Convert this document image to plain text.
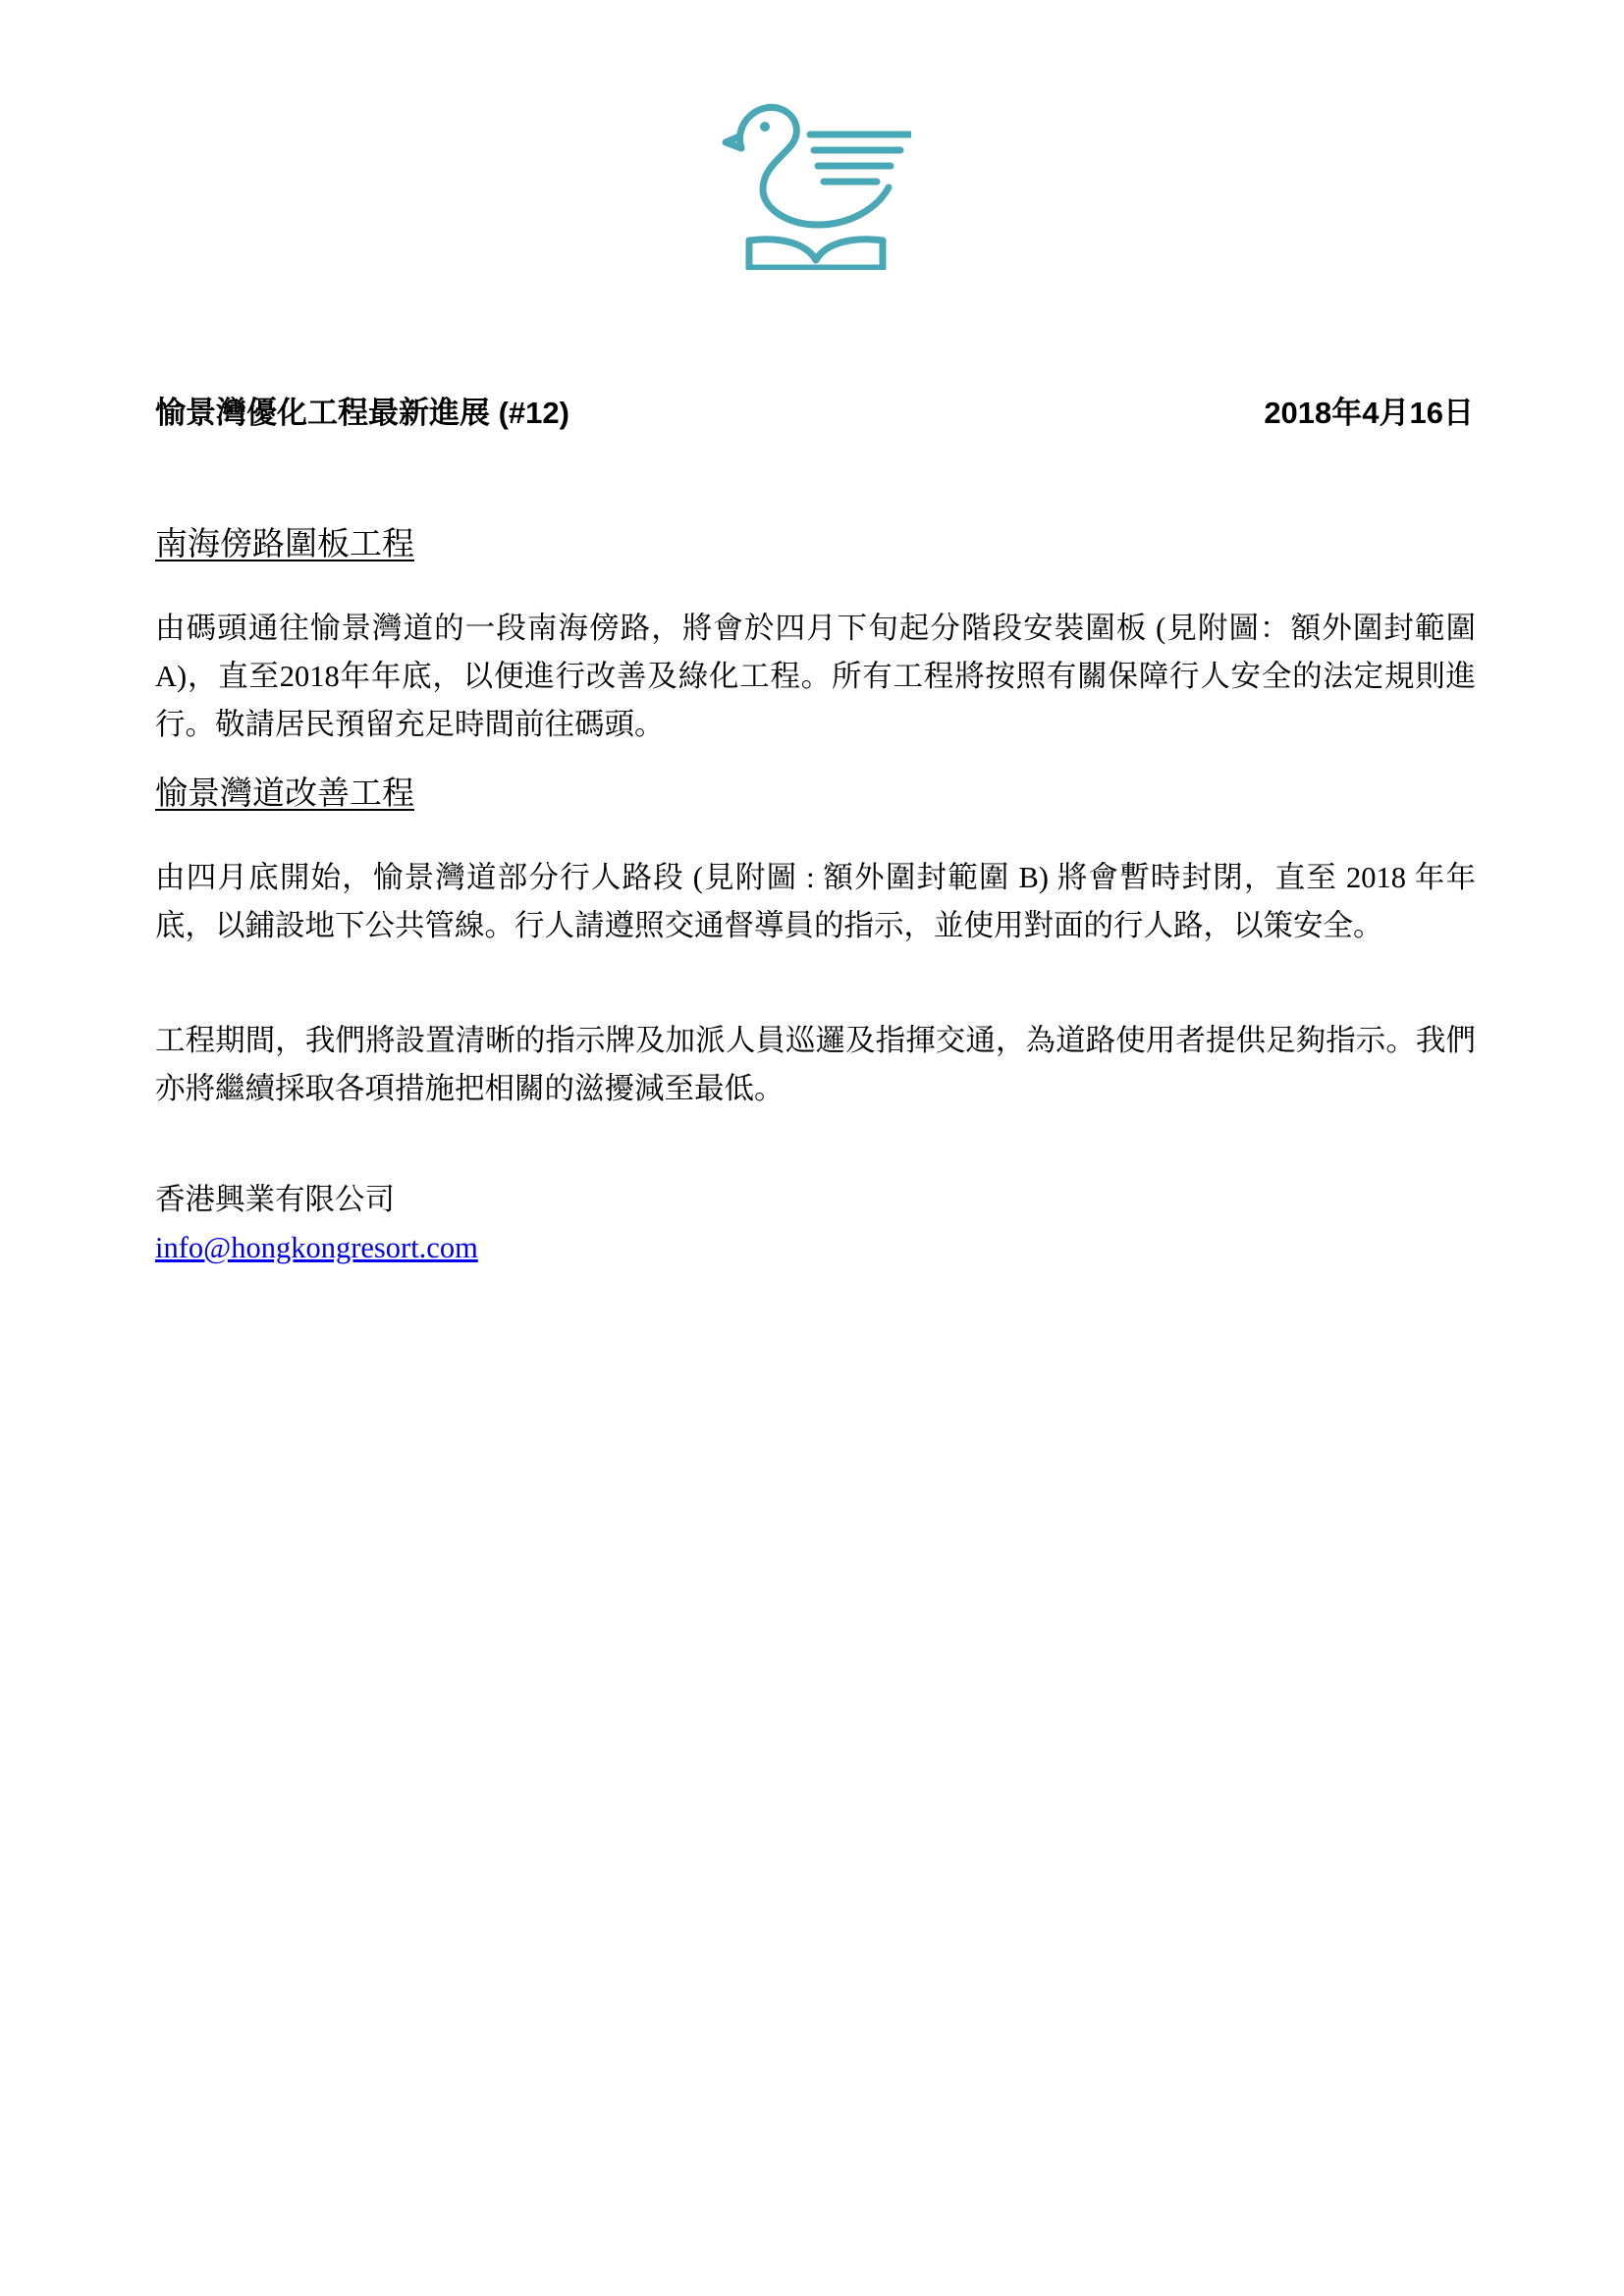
愉景灣優化工程最新進展 (#12)	2018年4月16日
南海傍路圍板工程

由碼頭通往愉景灣道的一段南海傍路，將會於四月下旬起分階段安裝圍板 (見附圖：額外圍封範圍A)，直至2018年年底，以便進行改善及綠化工程。所有工程將按照有關保障行人安全的法定規則進行。敬請居民預留充足時間前往碼頭。

愉景灣道改善工程

由四月底開始，愉景灣道部分行人路段 (見附圖 : 額外圍封範圍 B) 將會暫時封閉，直至 2018 年年底，以鋪設地下公共管線。行人請遵照交通督導員的指示，並使用對面的行人路，以策安全。

工程期間，我們將設置清晰的指示牌及加派人員巡邏及指揮交通，為道路使用者提供足夠指示。我們亦將繼續採取各項措施把相關的滋擾減至最低。

香港興業有限公司
info@hongkongresort.com
